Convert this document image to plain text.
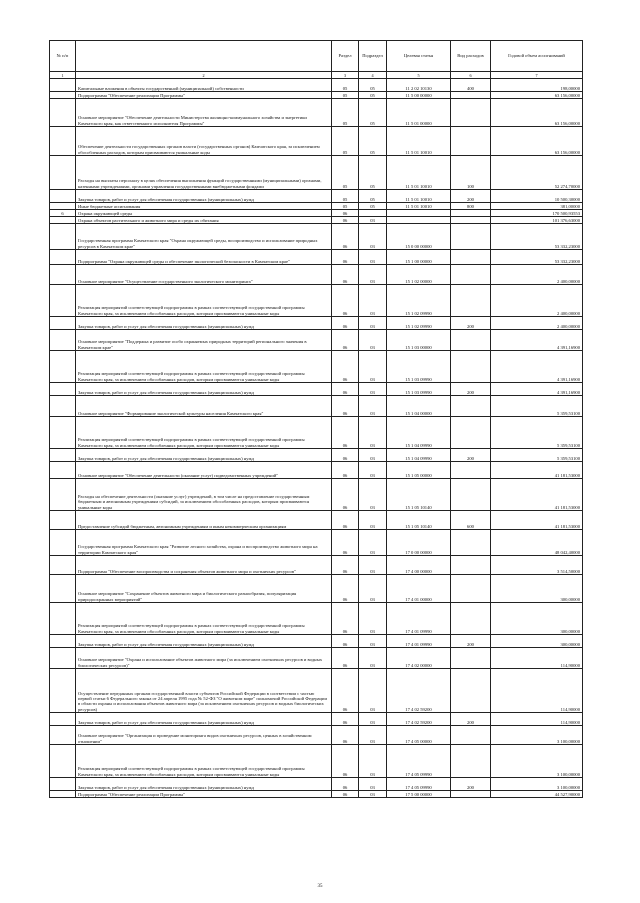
№ п/п		Раздел	Подраздел	Целевая статья	Вид расходов	Годовой объем ассигнований
1	2	3	4	5	6	7
	Капитальные вложения в объекты государственной (муниципальной) собственности	05	05	11 2 02 10130	400	198,00000
	Подпрограмма "Обеспечение реализации Программы"	05	05	11 5 00 00000		63 156,00000
	Основное мероприятие "Обеспечение деятельности Министерства жилищно-коммунального хозяйства и энергетики Камчатского края, как ответственного исполнителя Программы"	05	05	11 5 01 00000		63 156,00000
	Обеспечение деятельности государственных органов власти (государственных органов) Камчатского края, за исключением обособленных расходов, которым присваиваются уникальные коды	05	05	11 5 01 10010		63 156,00000
	Расходы на выплаты персоналу в целях обеспечения выполнения функций государственными (муниципальными) органами, казенными учреждениями, органами управления государственными внебюджетными фондами	05	05	11 5 01 10010	100	52 274,70000
	Закупка товаров, работ и услуг для обеспечения государственных (муниципальных) нужд	05	05	11 5 01 10010	200	10 500,30000
	Иные бюджетные ассигнования	05	05	11 5 01 10010	800	381,00000
6	Охрана окружающей среды	06				170 500,93553
	Охрана объектов растительного и животного мира и среды их обитания	06	03			101 376,63000
	Государственная программа Камчатского края "Охрана окружающей среды, воспроизводство и использование природных ресурсов в Камчатском крае"	06	03	15 0 00 00000		53 332,23000
	Подпрограмма "Охрана окружающей среды и обеспечение экологической безопасности в Камчатском крае"	06	03	15 1 00 00000		53 332,23000
	Основное мероприятие "Осуществление государственного экологического мониторинга"	06	03	15 1 02 00000		2 400,00000
	Реализация мероприятий соответствующей подпрограммы в рамках соответствующей государственной программы Камчатского края, за исключением обособленных расходов, которым присваиваются уникальные коды	06	03	15 1 02 09990		2 400,00000
	Закупка товаров, работ и услуг для обеспечения государственных (муниципальных) нужд	06	03	15 1 02 09990	200	2 400,00000
	Основное мероприятие "Поддержка и развитие особо охраняемых природных территорий регионального значения в Камчатском крае"	06	03	15 1 03 00000		4 391,16900
	Реализация мероприятий соответствующей подпрограммы в рамках соответствующей государственной программы Камчатского края, за исключением обособленных расходов, которым присваиваются уникальные коды	06	03	15 1 03 09990		4 391,16900
	Закупка товаров, работ и услуг для обеспечения государственных (муниципальных) нужд	06	03	15 1 03 09990	200	4 391,16900
	Основное мероприятие "Формирование экологической культуры населения Камчатского края"	06	03	15 1 04 00000		5 359,53100
	Реализация мероприятий соответствующей подпрограммы в рамках соответствующей государственной программы Камчатского края, за исключением обособленных расходов, которым присваиваются уникальные коды	06	03	15 1 04 09990		5 359,53100
	Закупка товаров, работ и услуг для обеспечения государственных (муниципальных) нужд	06	03	15 1 04 09990	200	5 359,53100
	Основное мероприятие "Обеспечение деятельности (оказание услуг) подведомственных учреждений"	06	03	15 1 05 00000		41 181,53000
	Расходы на обеспечение деятельности (оказание услуг) учреждений, в том числе на предоставление государственным бюджетным и автономным учреждениям субсидий, за исключением обособленных расходов, которым присваиваются уникальные коды	06	03	15 1 05 10140		41 181,53000
	Предоставление субсидий бюджетным, автономным учреждениям и иным некоммерческим организациям	06	03	15 1 05 10140	600	41 181,53000
	Государственная программа Камчатского края "Развитие лесного хозяйства, охрана и воспроизводство животного мира на территории Камчатского края"	06	03	17 0 00 00000		48 042,40000
	Подпрограмма "Обеспечение воспроизводства и сохранения объектов животного мира и охотничьих ресурсов"	06	03	17 4 00 00000		3 514,50000
	Основное мероприятие "Сохранение объектов животного мира и биологического разнообразия, популяризация природоохранных мероприятий"	06	03	17 4 01 00000		300,00000
	Реализация мероприятий соответствующей подпрограммы в рамках соответствующей государственной программы Камчатского края, за исключением обособленных расходов, которым присваиваются уникальные коды	06	03	17 4 01 09990		300,00000
	Закупка товаров, работ и услуг для обеспечения государственных (муниципальных) нужд	06	03	17 4 01 09990	200	300,00000
	Основное мероприятие "Охрана и использование объектов животного мира (за исключением охотничьих ресурсов и водных биологических ресурсов)"	06	03	17 4 02 00000		114,90000
	Осуществление переданных органам государственной власти субъектов Российской Федерации в соответствии с частью первой статьи 6 Федерального закона от 24 апреля 1995 года № 52-ФЗ "О животном мире" полномочий Российской Федерации в области охраны и использования объектов животного мира (за исключением охотничьих ресурсов и водных биологических ресурсов)	06	03	17 4 02 59200		114,90000
	Закупка товаров, работ и услуг для обеспечения государственных (муниципальных) нужд	06	03	17 4 02 59200	200	114,90000
	Основное мероприятие "Организация и проведение мониторинга видов охотничьих ресурсов, ценных в хозяйственном отношении"	06	03	17 4 05 00000		3 100,00000
	Реализация мероприятий соответствующей подпрограммы в рамках соответствующей государственной программы Камчатского края, за исключением обособленных расходов, которым присваиваются уникальные коды	06	03	17 4 05 09990		3 100,00000
	Закупка товаров, работ и услуг для обеспечения государственных (муниципальных) нужд	06	03	17 4 05 09990	200	3 100,00000
	Подпрограмма "Обеспечение реализации Программы"	06	03	17 5 00 00000		44 527,90000
35
